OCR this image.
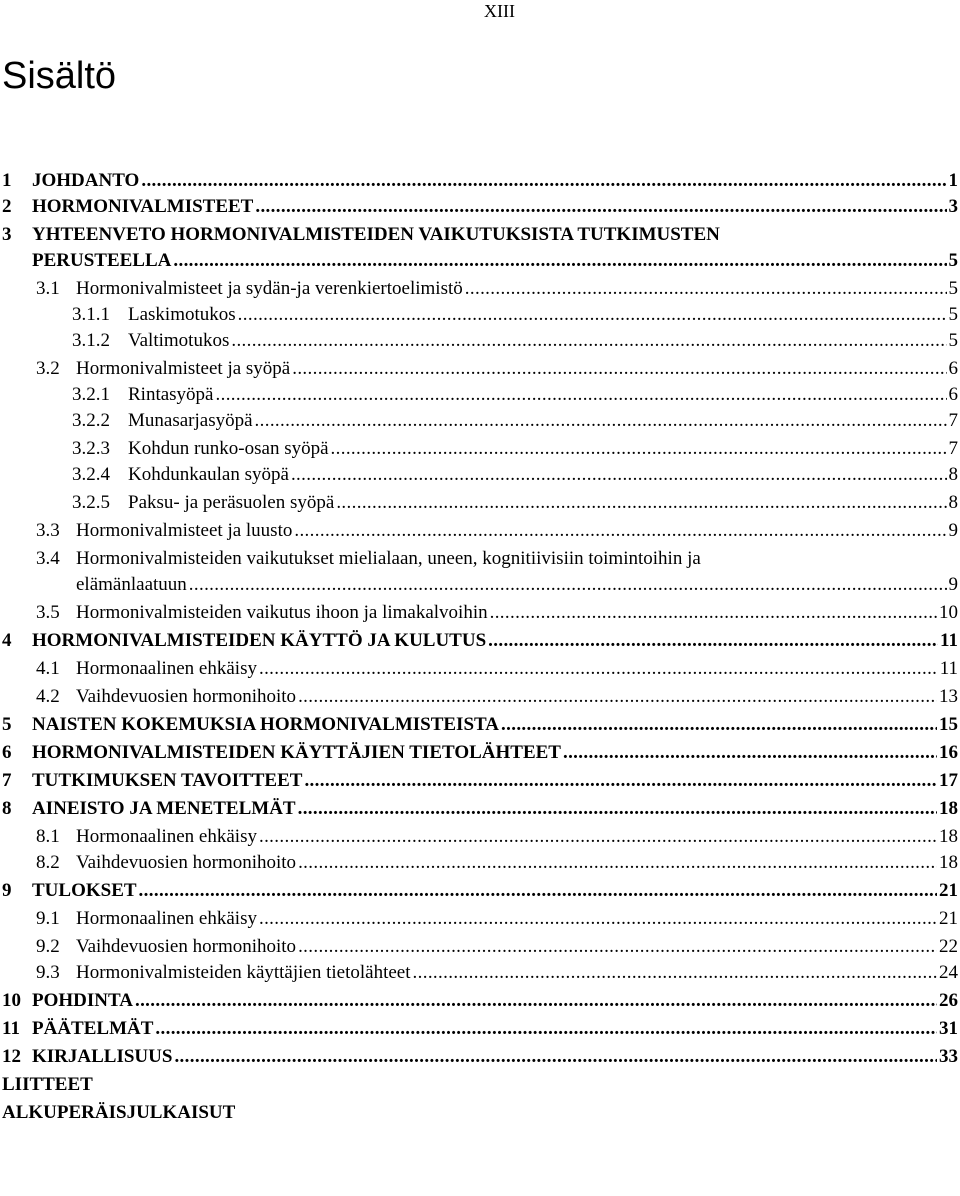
XIII
Sisältö
1	JOHDANTO . . .	1
2	HORMONIVALMISTEET . . .	3
3	YHTEENVETO HORMONIVALMISTEIDEN VAIKUTUKSISTA TUTKIMUSTEN
PERUSTEELLA . . .	5
3.1 Hormonivalmisteet ja sydän-ja verenkiertoelimistö . . .	5
3.1.1 Laskimotukos . . .	5
3.1.2 Valtimotukos . . .	5
3.2 Hormonivalmisteet ja syöpä . . .	6
3.2.1 Rintasyöpä . . .	6
3.2.2 Munasarjasyöpä . . .	7
3.2.3 Kohdun runko-osan syöpä . . .	7
3.2.4 Kohdunkaulan syöpä . . .	8
3.2.5 Paksu- ja peräsuolen syöpä . . .	8
3.3 Hormonivalmisteet ja luusto . . .	9
3.4 Hormonivalmisteiden vaikutukset mielialaan, uneen, kognitiivisiin toimintoihin ja
elämänlaatuun . . .	9
3.5 Hormonivalmisteiden vaikutus ihoon ja limakalvoihin . . .	10
4	HORMONIVALMISTEIDEN KÄYTTÖ JA KULUTUS . . .	11
4.1 Hormonaalinen ehkäisy . . .	11
4.2 Vaihdevuosien hormonihoito . . .	13
5	NAISTEN KOKEMUKSIA HORMONIVALMISTEISTA . . .	15
6	HORMONIVALMISTEIDEN KÄYTTÄJIEN TIETOLÄHTEET . . .	16
7	TUTKIMUKSEN TAVOITTEET . . .	17
8	AINEISTO JA MENETELMÄT . . .	18
8.1 Hormonaalinen ehkäisy . . .	18
8.2 Vaihdevuosien hormonihoito . . .	18
9	TULOKSET . . .	21
9.1 Hormonaalinen ehkäisy . . .	21
9.2 Vaihdevuosien hormonihoito . . .	22
9.3 Hormonivalmisteiden käyttäjien tietolähteet . . .	24
10 POHDINTA . . .	26
11 PÄÄTELMÄT . . .	31
12 KIRJALLISUUS . . .	33
LIITTEET
ALKUPERÄISJULKAISUT
